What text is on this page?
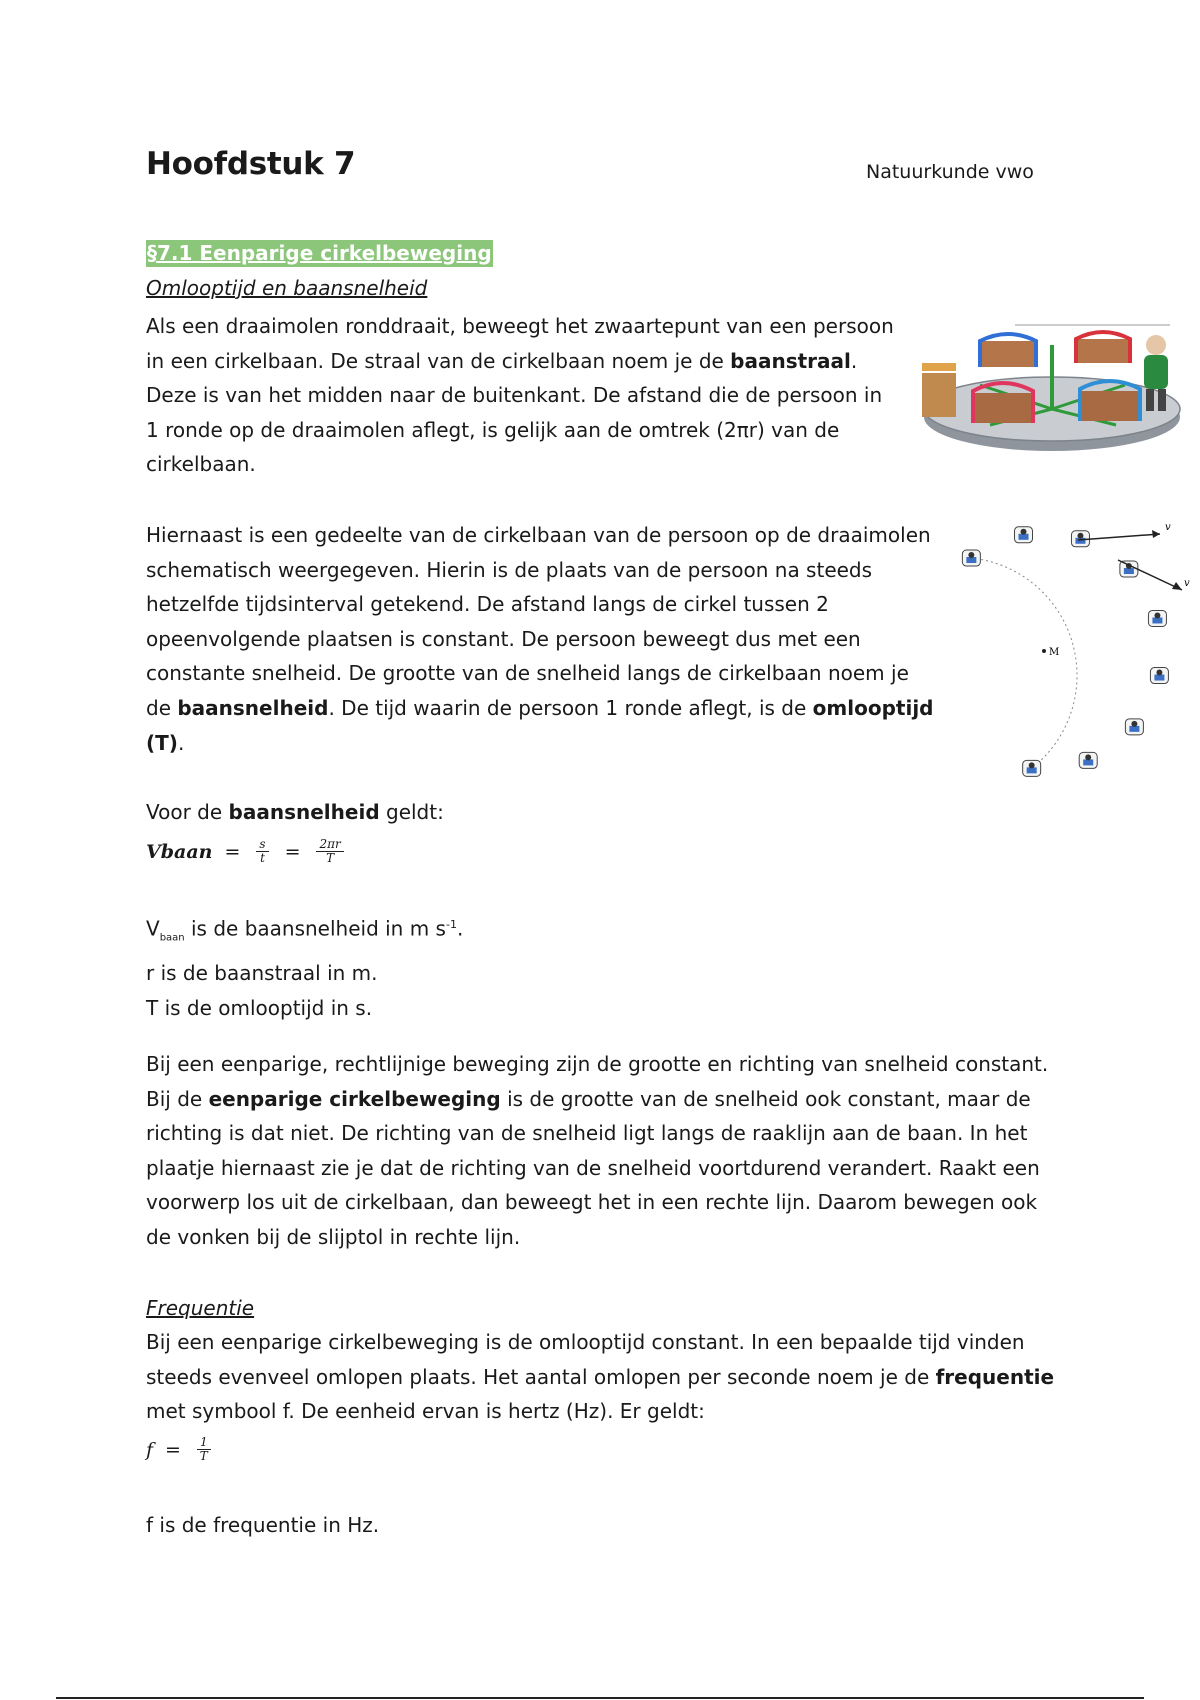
Hoofdstuk 7	Natuurkunde vwo
§7.1 Eenparige cirkelbeweging
Omlooptijd en baansnelheid
Als een draaimolen ronddraait, beweegt het zwaartepunt van een persoon in een cirkelbaan. De straal van de cirkelbaan noem je de baanstraal. Deze is van het midden naar de buitenkant. De afstand die de persoon in 1 ronde op de draaimolen aflegt, is gelijk aan de omtrek (2πr) van de cirkelbaan.
Hiernaast is een gedeelte van de cirkelbaan van de persoon op de draaimolen schematisch weergegeven. Hierin is de plaats van de persoon na steeds hetzelfde tijdsinterval getekend. De afstand langs de cirkel tussen 2 opeenvolgende plaatsen is constant. De persoon beweegt dus met een constante snelheid. De grootte van de snelheid langs de cirkelbaan noem je de baansnelheid. De tijd waarin de persoon 1 ronde aflegt, is de omlooptijd (T).
Voor de baansnelheid geldt:
Vbaan = $\frac{s}{t} = \frac{2\pi r}{T}$
$V_{baan}$ is de baansnelheid in m $s^{-1}$.
r is de baanstraal in m.
T is de omlooptijd in s.
Bij een eenparige, rechtlijnige beweging zijn de grootte en richting van snelheid constant. Bij de eenparige cirkelbeweging is de grootte van de snelheid ook constant, maar de richting is dat niet. De richting van de snelheid ligt langs de raaklijn aan de baan. In het plaatje hiernaast zie je dat de richting van de snelheid voortdurend verandert. Raakt een voorwerp los uit de cirkelbaan, dan beweegt het in een rechte lijn. Daarom bewegen ook de vonken bij de slijptol in rechte lijn.
Frequentie
Bij een eenparige cirkelbeweging is de omlooptijd constant. In een bepaalde tijd vinden steeds evenveel omlopen plaats. Het aantal omlopen per seconde noem je de frequentie met symbool f. De eenheid ervan is hertz (Hz). Er geldt:
$f = \frac{1}{T}$
f is de frequentie in Hz.
v
v
M
